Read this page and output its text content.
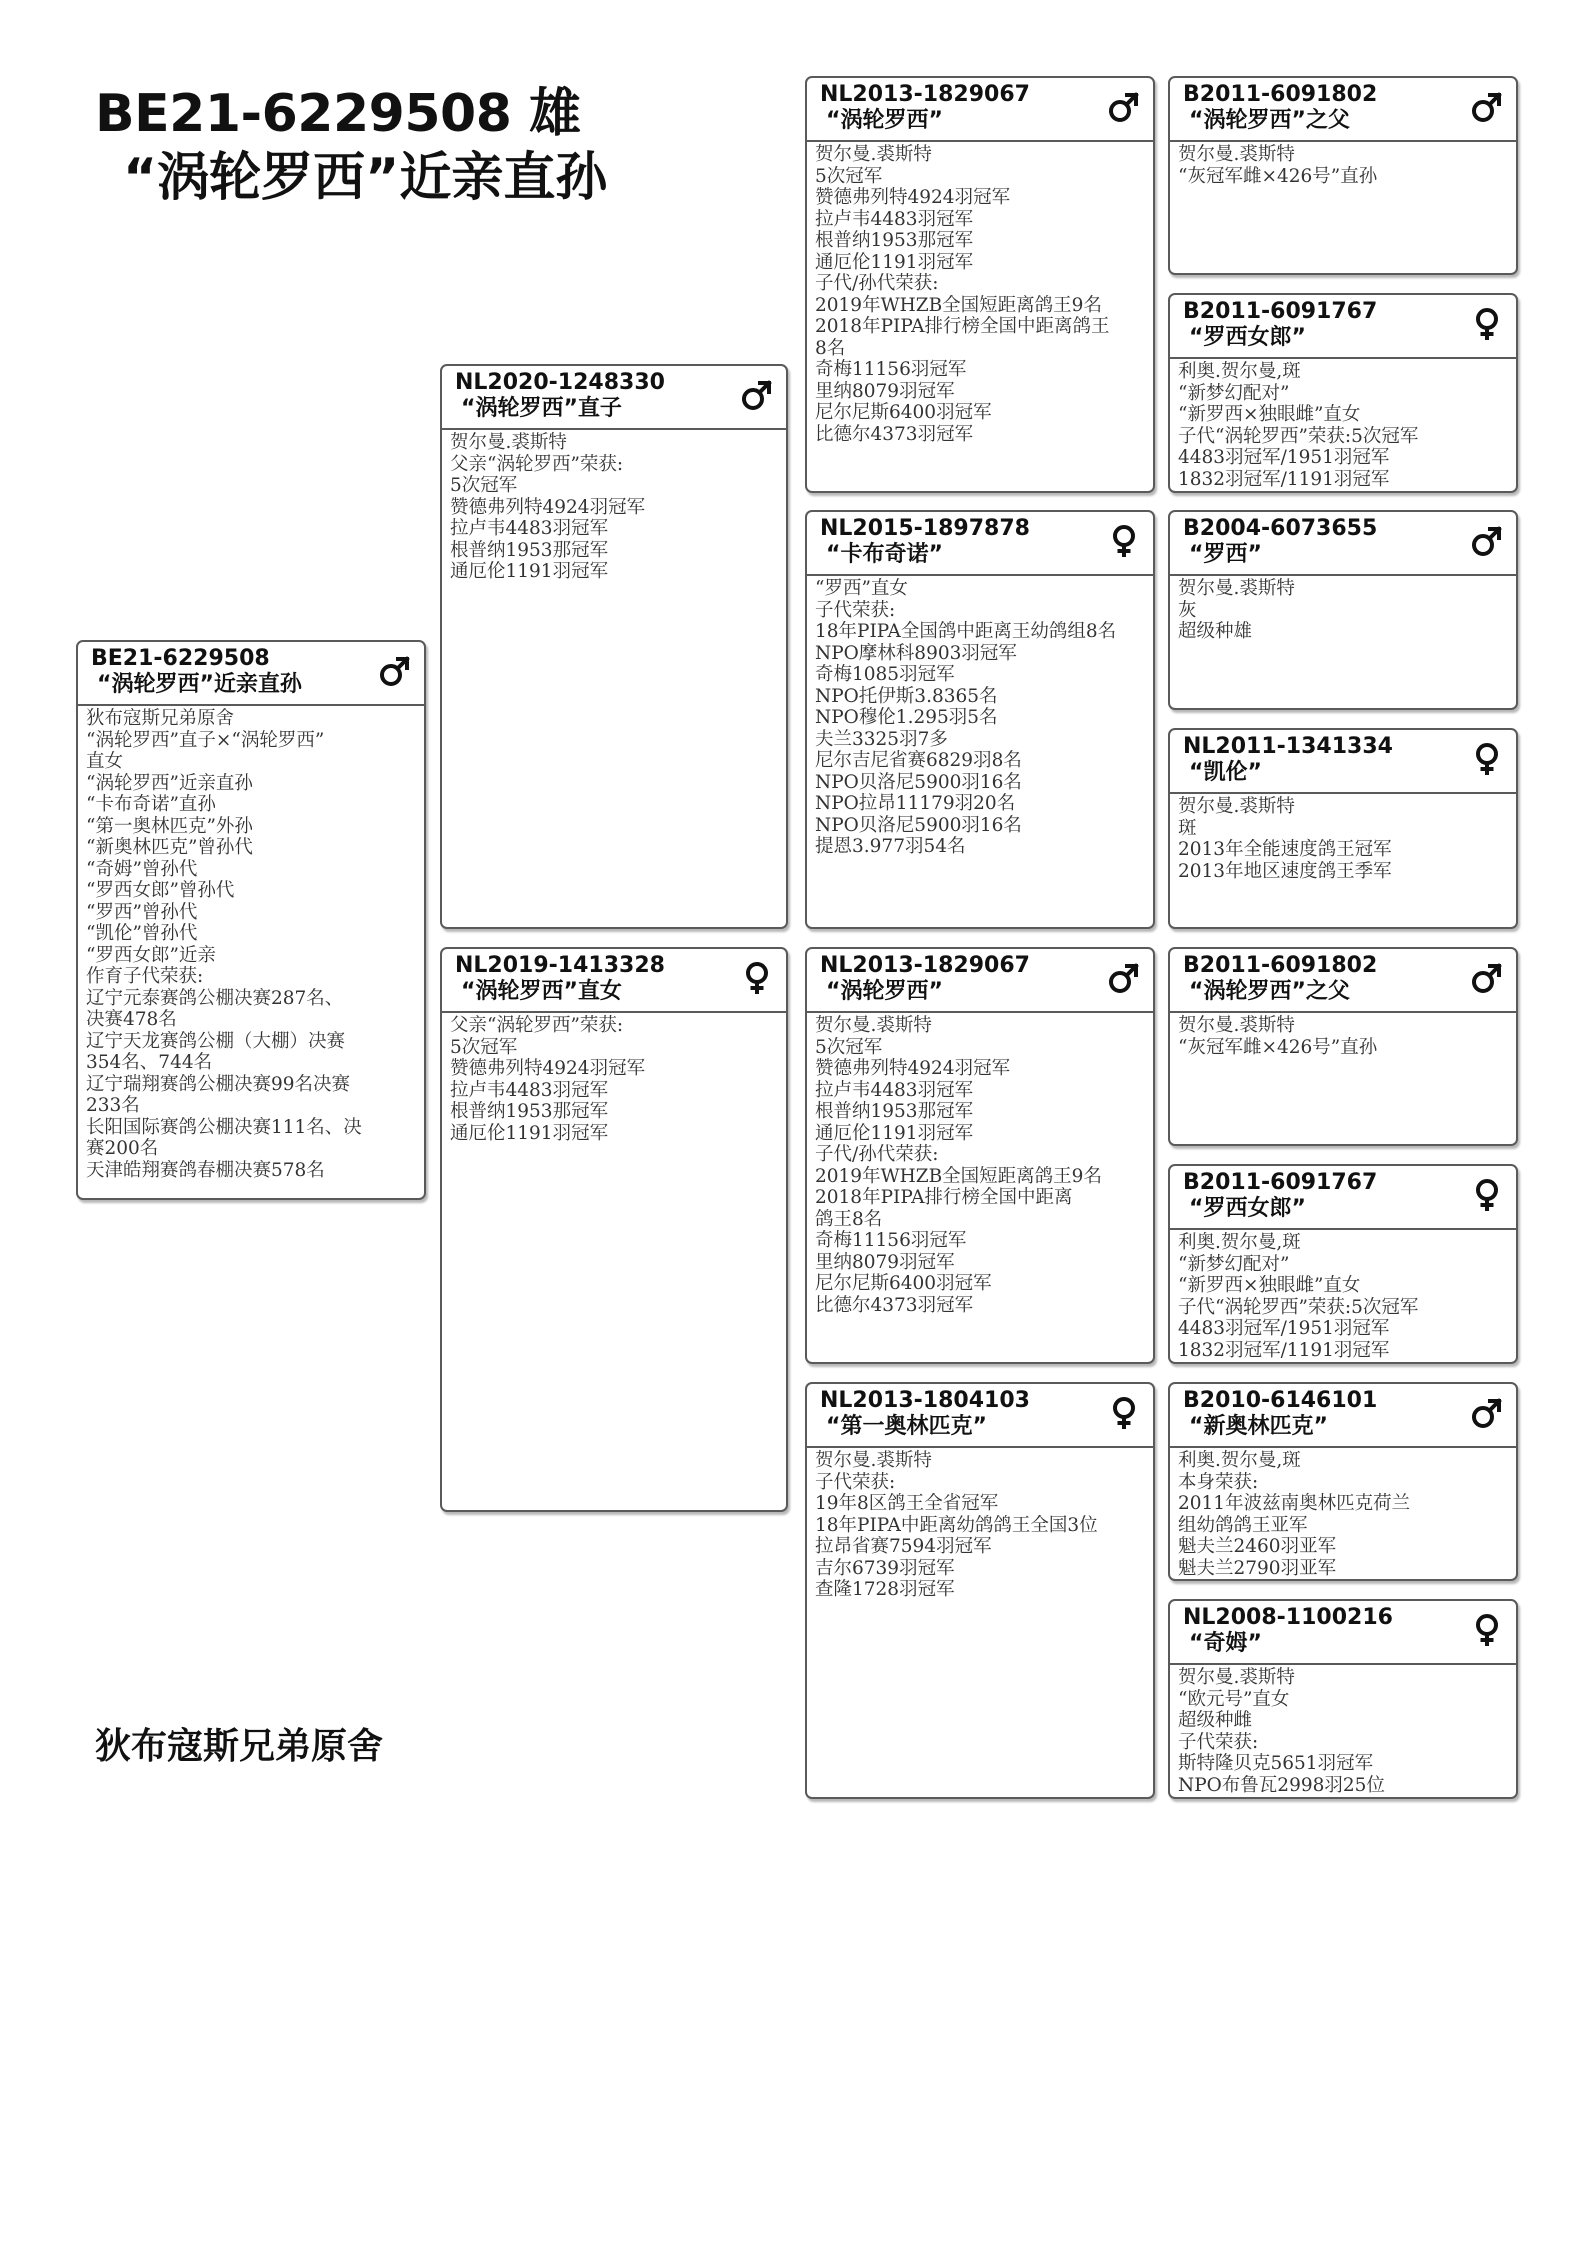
BE21-6229508 雄
“涡轮罗西”近亲直孙
狄布寇斯兄弟原舍
BE21-6229508
“涡轮罗西”近亲直孙
狄布寇斯兄弟原舍
“涡轮罗西”直子×“涡轮罗西”
直女
“涡轮罗西”近亲直孙
“卡布奇诺”直孙
“第一奥林匹克”外孙
“新奥林匹克”曾孙代
“奇姆”曾孙代
“罗西女郎”曾孙代
“罗西”曾孙代
“凯伦”曾孙代
“罗西女郎”近亲
作育子代荣获:
辽宁元泰赛鸽公棚决赛287名、
决赛478名
辽宁天龙赛鸽公棚（大棚）决赛
354名、744名
辽宁瑞翔赛鸽公棚决赛99名决赛
233名
长阳国际赛鸽公棚决赛111名、决
赛200名
天津皓翔赛鸽春棚决赛578名
NL2020-1248330
“涡轮罗西”直子
贺尔曼.裘斯特
父亲“涡轮罗西”荣获:
5次冠军
赞德弗列特4924羽冠军
拉卢韦4483羽冠军
根普纳1953那冠军
通厄伦1191羽冠军
NL2019-1413328
“涡轮罗西”直女
父亲“涡轮罗西”荣获:
5次冠军
赞德弗列特4924羽冠军
拉卢韦4483羽冠军
根普纳1953那冠军
通厄伦1191羽冠军
NL2013-1829067
“涡轮罗西”
贺尔曼.裘斯特
5次冠军
赞德弗列特4924羽冠军
拉卢韦4483羽冠军
根普纳1953那冠军
通厄伦1191羽冠军
子代/孙代荣获:
2019年WHZB全国短距离鸽王9名
2018年PIPA排行榜全国中距离鸽王
8名
奇梅11156羽冠军
里纳8079羽冠军
尼尔尼斯6400羽冠军
比德尔4373羽冠军
NL2015-1897878
“卡布奇诺”
“罗西”直女
子代荣获:
18年PIPA全国鸽中距离王幼鸽组8名
NPO摩林科8903羽冠军
奇梅1085羽冠军
NPO托伊斯3.8365名
NPO穆伦1.295羽5名
夫兰3325羽7多
尼尔吉尼省赛6829羽8名
NPO贝洛尼5900羽16名
NPO拉昂11179羽20名
NPO贝洛尼5900羽16名
提恩3.977羽54名
NL2013-1829067
“涡轮罗西”
贺尔曼.裘斯特
5次冠军
赞德弗列特4924羽冠军
拉卢韦4483羽冠军
根普纳1953那冠军
通厄伦1191羽冠军
子代/孙代荣获:
2019年WHZB全国短距离鸽王9名
2018年PIPA排行榜全国中距离
鸽王8名
奇梅11156羽冠军
里纳8079羽冠军
尼尔尼斯6400羽冠军
比德尔4373羽冠军
NL2013-1804103
“第一奥林匹克”
贺尔曼.裘斯特
子代荣获:
19年8区鸽王全省冠军
18年PIPA中距离幼鸽鸽王全国3位
拉昂省赛7594羽冠军
吉尔6739羽冠军
查隆1728羽冠军
B2011-6091802
“涡轮罗西”之父
贺尔曼.裘斯特
“灰冠军雌×426号”直孙
B2011-6091767
“罗西女郎”
利奥.贺尔曼,斑
“新梦幻配对”
“新罗西×独眼雌”直女
子代“涡轮罗西”荣获:5次冠军
4483羽冠军/1951羽冠军
1832羽冠军/1191羽冠军
B2004-6073655
“罗西”
贺尔曼.裘斯特
灰
超级种雄
NL2011-1341334
“凯伦”
贺尔曼.裘斯特
斑
2013年全能速度鸽王冠军
2013年地区速度鸽王季军
B2011-6091802
“涡轮罗西”之父
贺尔曼.裘斯特
“灰冠军雌×426号”直孙
B2011-6091767
“罗西女郎”
利奥.贺尔曼,斑
“新梦幻配对”
“新罗西×独眼雌”直女
子代“涡轮罗西”荣获:5次冠军
4483羽冠军/1951羽冠军
1832羽冠军/1191羽冠军
B2010-6146101
“新奥林匹克”
利奥.贺尔曼,斑
本身荣获:
2011年波兹南奥林匹克荷兰
组幼鸽鸽王亚军
魁夫兰2460羽亚军
魁夫兰2790羽亚军
NL2008-1100216
“奇姆”
贺尔曼.裘斯特
“欧元号”直女
超级种雌
子代荣获:
斯特隆贝克5651羽冠军
NPO布鲁瓦2998羽25位
